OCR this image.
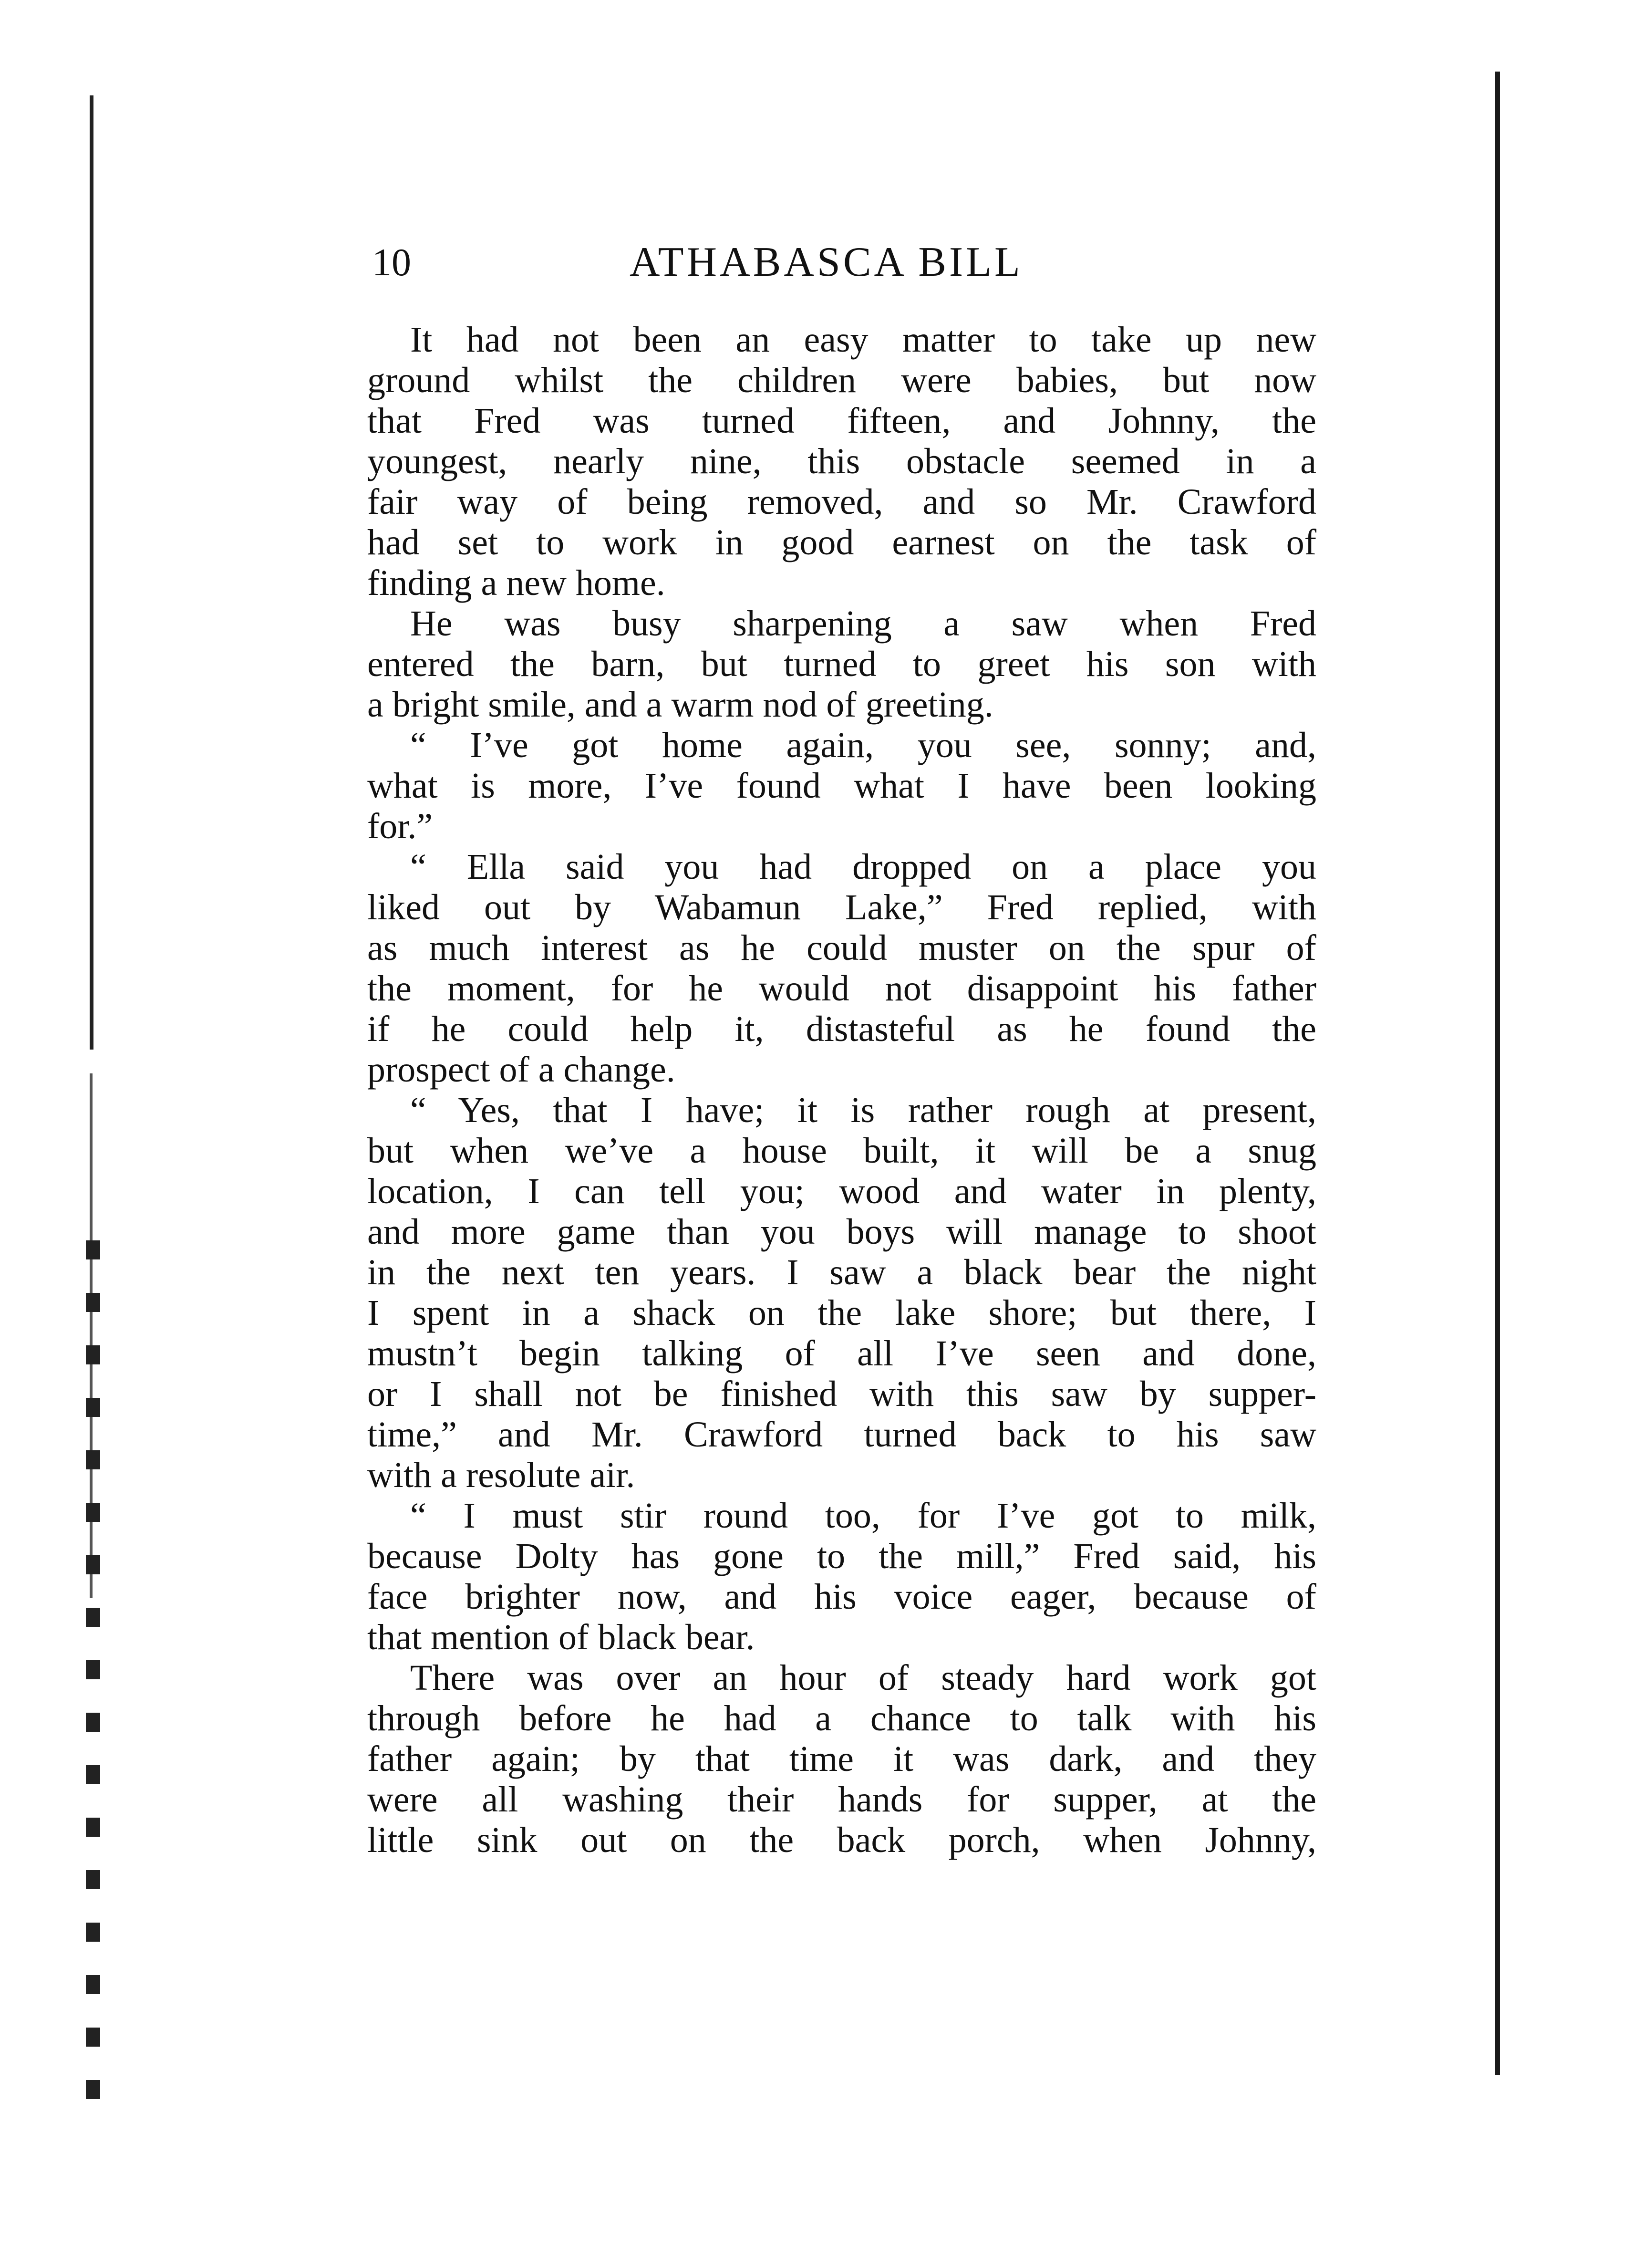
10	ATHABASCA BILL
It had not been an easy matter to take up new
ground whilst the children were babies, but now
that Fred was turned fifteen, and Johnny, the
youngest, nearly nine, this obstacle seemed in a
fair way of being removed, and so Mr. Crawford
had set to work in good earnest on the task of
finding a new home.
He was busy sharpening a saw when Fred
entered the barn, but turned to greet his son with
a bright smile, and a warm nod of greeting.
“ I’ve got home again, you see, sonny; and,
what is more, I’ve found what I have been looking
for.”
“ Ella said you had dropped on a place you
liked out by Wabamun Lake,” Fred replied, with
as much interest as he could muster on the spur of
the moment, for he would not disappoint his father
if he could help it, distasteful as he found the
prospect of a change.
“ Yes, that I have; it is rather rough at present,
but when we’ve a house built, it will be a snug
location, I can tell you; wood and water in plenty,
and more game than you boys will manage to shoot
in the next ten years. I saw a black bear the night
I spent in a shack on the lake shore; but there, I
mustn’t begin talking of all I’ve seen and done,
or I shall not be finished with this saw by supper-
time,” and Mr. Crawford turned back to his saw
with a resolute air.
“ I must stir round too, for I’ve got to milk,
because Dolty has gone to the mill,” Fred said, his
face brighter now, and his voice eager, because of
that mention of black bear.
There was over an hour of steady hard work got
through before he had a chance to talk with his
father again; by that time it was dark, and they
were all washing their hands for supper, at the
little sink out on the back porch, when Johnny,
